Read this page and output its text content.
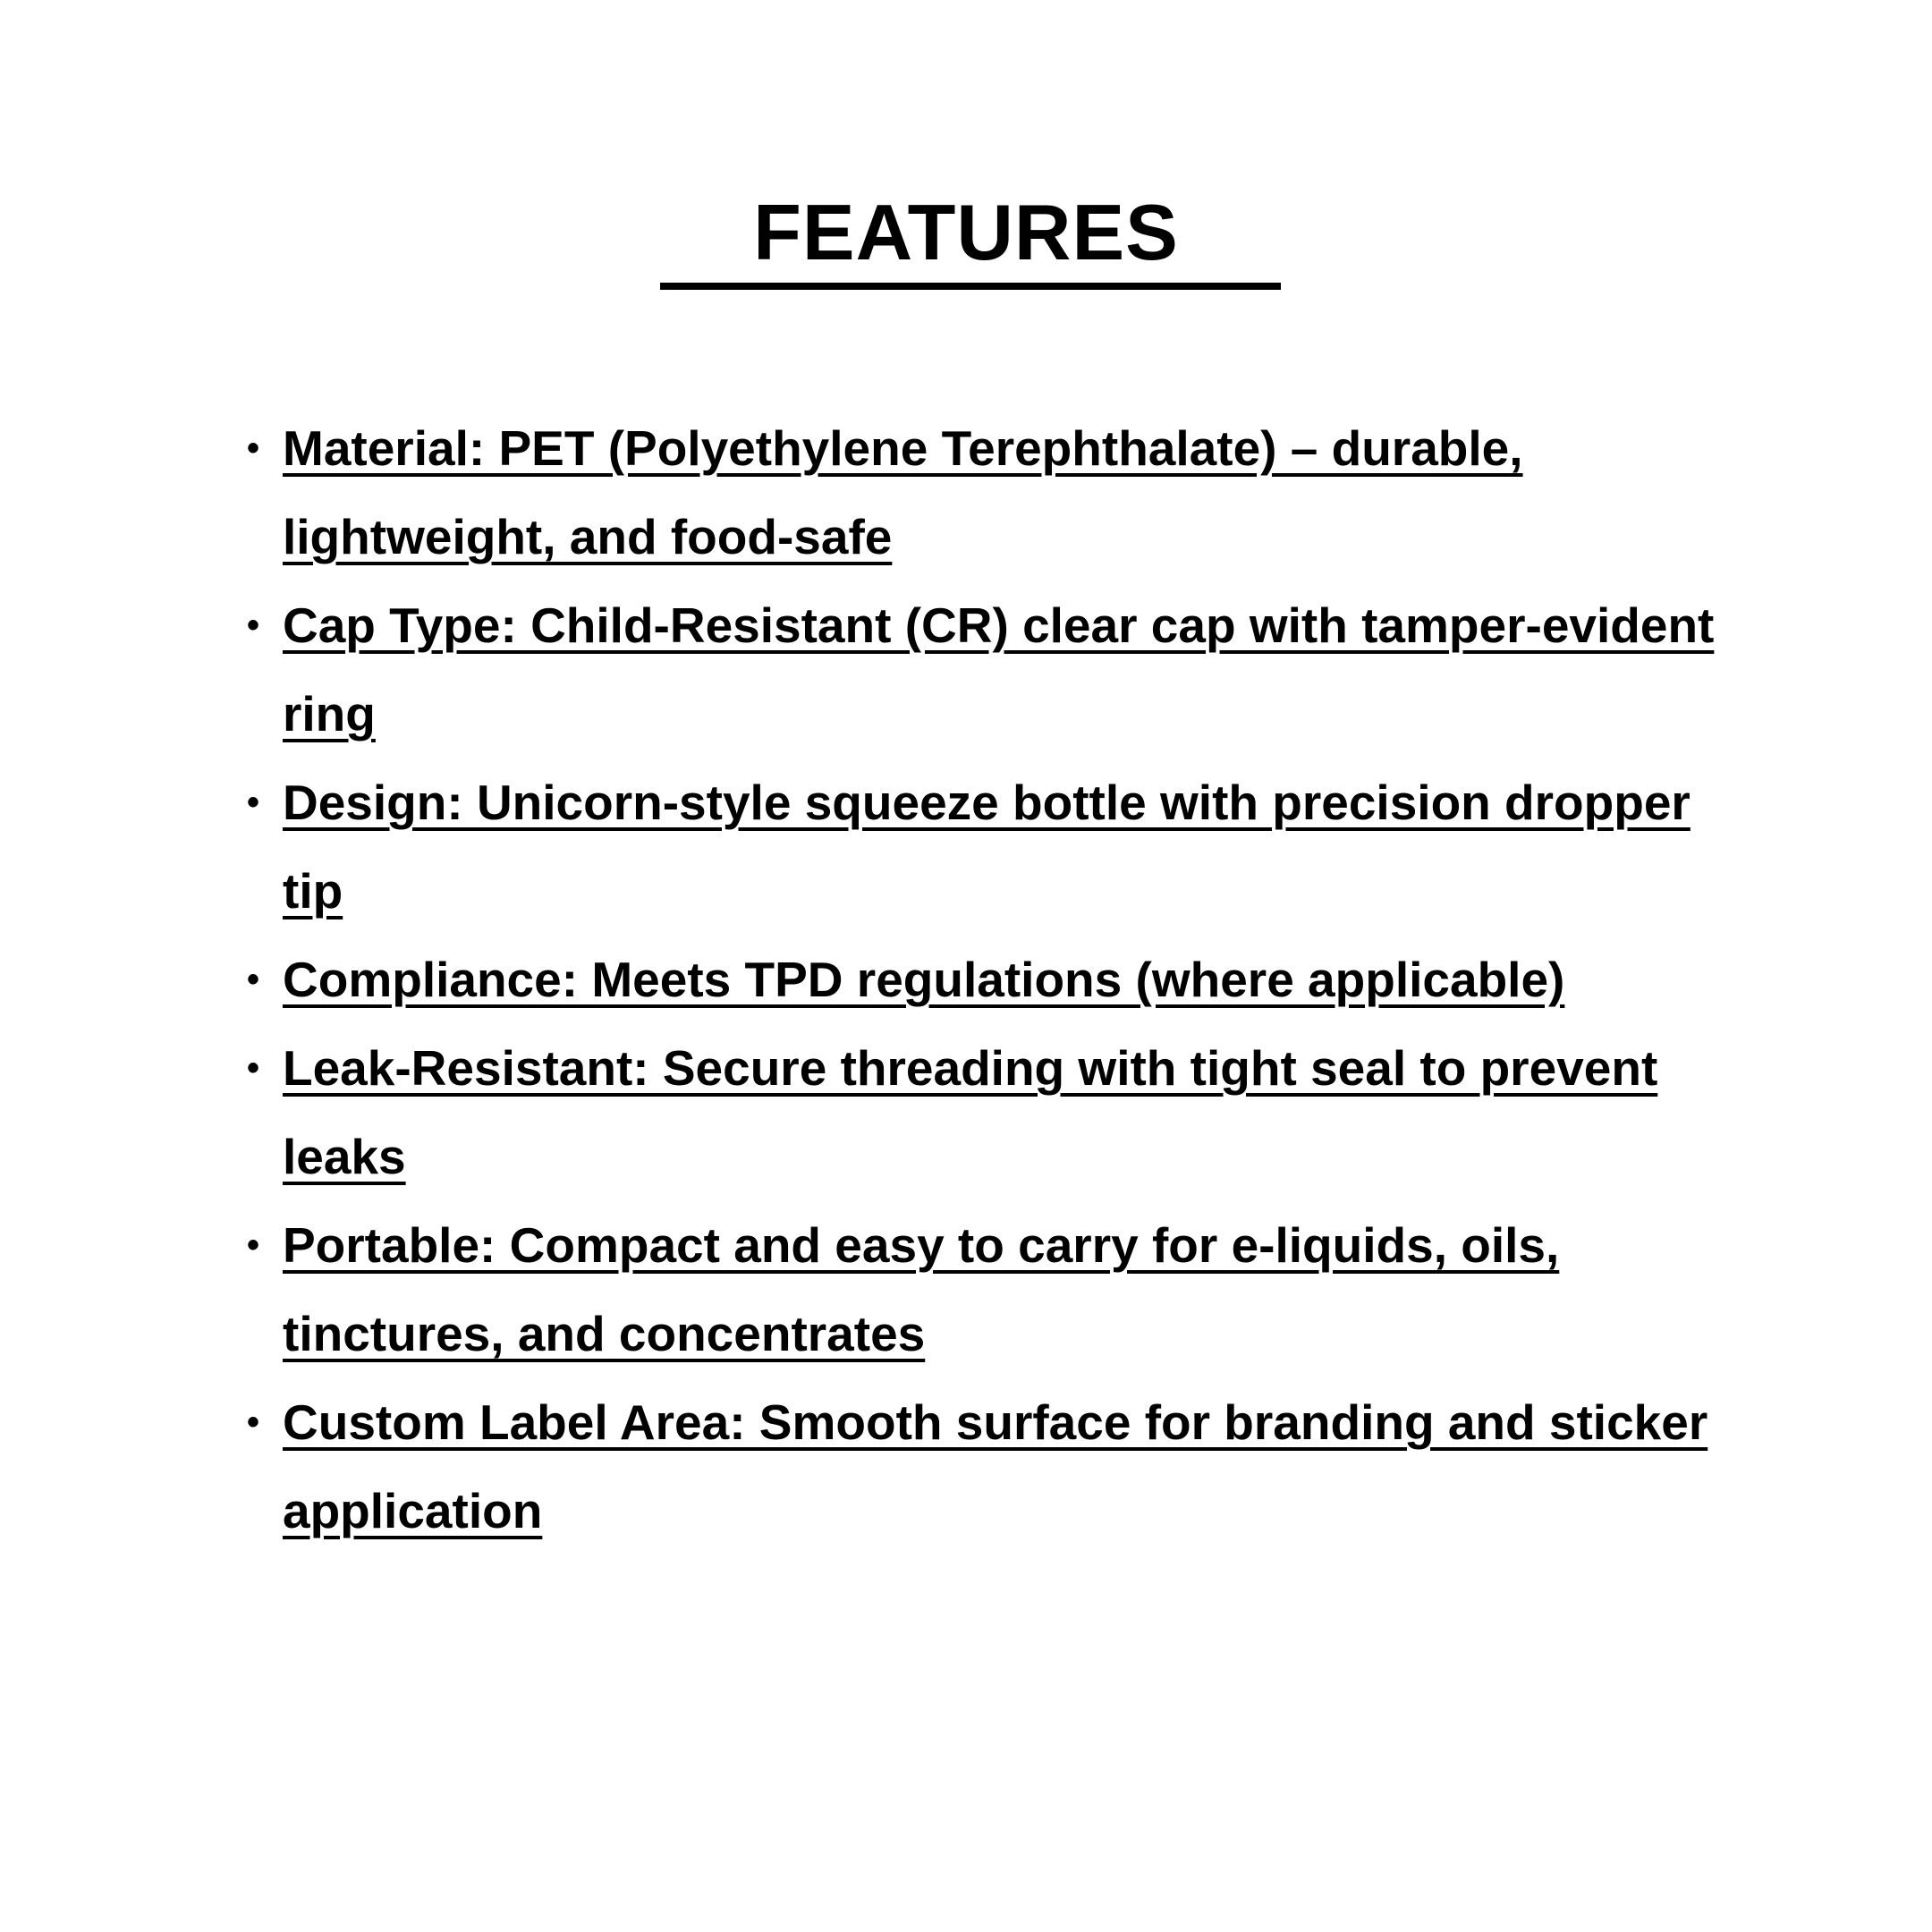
FEATURES
• Material: PET (Polyethylene Terephthalate) – durable, lightweight, and food-safe
• Cap Type: Child-Resistant (CR) clear cap with tamper-evident ring
• Design: Unicorn-style squeeze bottle with precision dropper tip
• Compliance: Meets TPD regulations (where applicable)
• Leak-Resistant: Secure threading with tight seal to prevent leaks
• Portable: Compact and easy to carry for e-liquids, oils, tinctures, and concentrates
• Custom Label Area: Smooth surface for branding and sticker application
